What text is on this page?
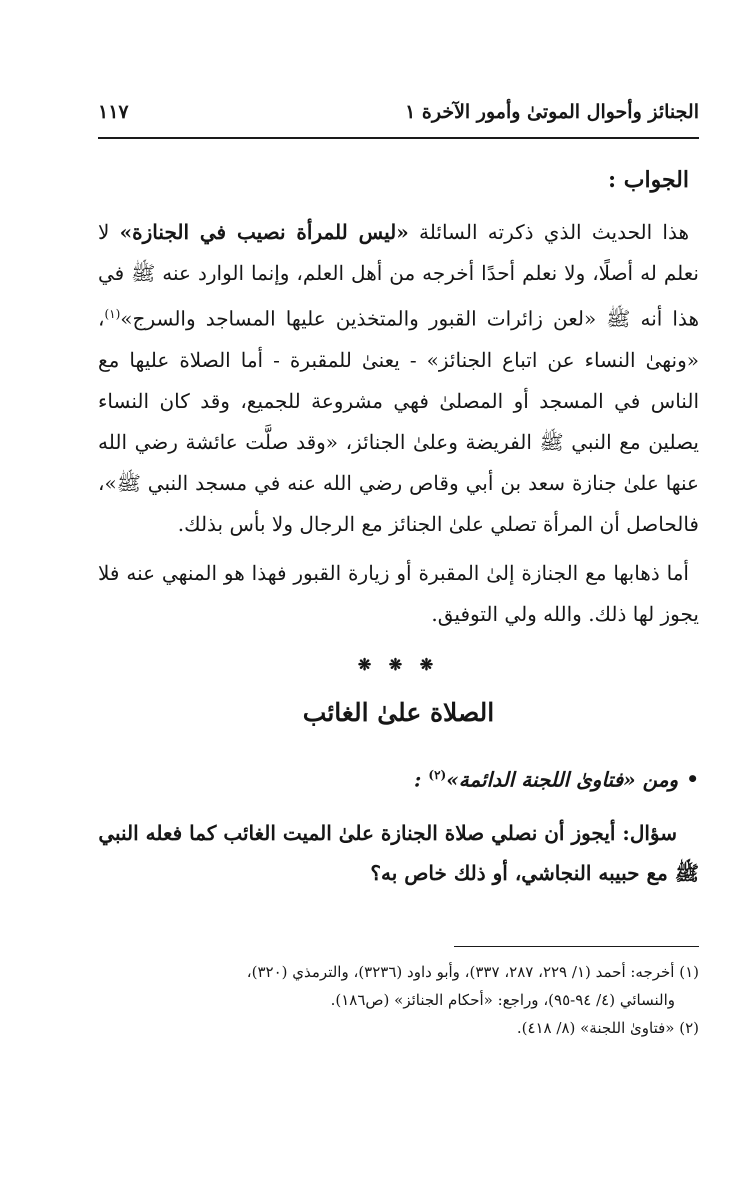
الجنائز وأحوال الموتىٰ وأمور الآخرة ١
١١٧
الجواب :

هذا الحديث الذي ذكرته السائلة «ليس للمرأة نصيب في الجنازة» لا نعلم له أصلًا، ولا نعلم أحدًا أخرجه من أهل العلم، وإنما الوارد عنه ﷺ في هذا أنه ﷺ «لعن زائرات القبور والمتخذين عليها المساجد والسرج»$^{(١)}$، «ونهىٰ النساء عن اتباع الجنائز» - يعنىٰ للمقبرة - أما الصلاة عليها مع الناس في المسجد أو المصلىٰ فهي مشروعة للجميع، وقد كان النساء يصلين مع النبي ﷺ الفريضة وعلىٰ الجنائز، «وقد صلَّت عائشة رضي الله عنها علىٰ جنازة سعد بن أبي وقاص رضي الله عنه في مسجد النبي ﷺ»، فالحاصل أن المرأة تصلي علىٰ الجنائز مع الرجال ولا بأس بذلك.

أما ذهابها مع الجنازة إلىٰ المقبرة أو زيارة القبور فهذا هو المنهي عنه فلا يجوز لها ذلك. والله ولي التوفيق.

❋ ❋ ❋
الصلاة علىٰ الغائب

•ومن «فتاوىٰ اللجنة الدائمة»$^{(٢)}$ :

سؤال: أيجوز أن نصلي صلاة الجنازة علىٰ الميت الغائب كما فعله النبي ﷺ مع حبيبه النجاشي، أو ذلك خاص به؟

(١) أخرجه: أحمد (١/ ٢٢٩، ٢٨٧، ٣٣٧)، وأبو داود (٣٢٣٦)، والترمذي (٣٢٠)،
والنسائي (٤/ ٩٤-٩٥)، وراجع: «أحكام الجنائز» (ص١٨٦).

(٢) «فتاوىٰ اللجنة» (٨/ ٤١٨).
